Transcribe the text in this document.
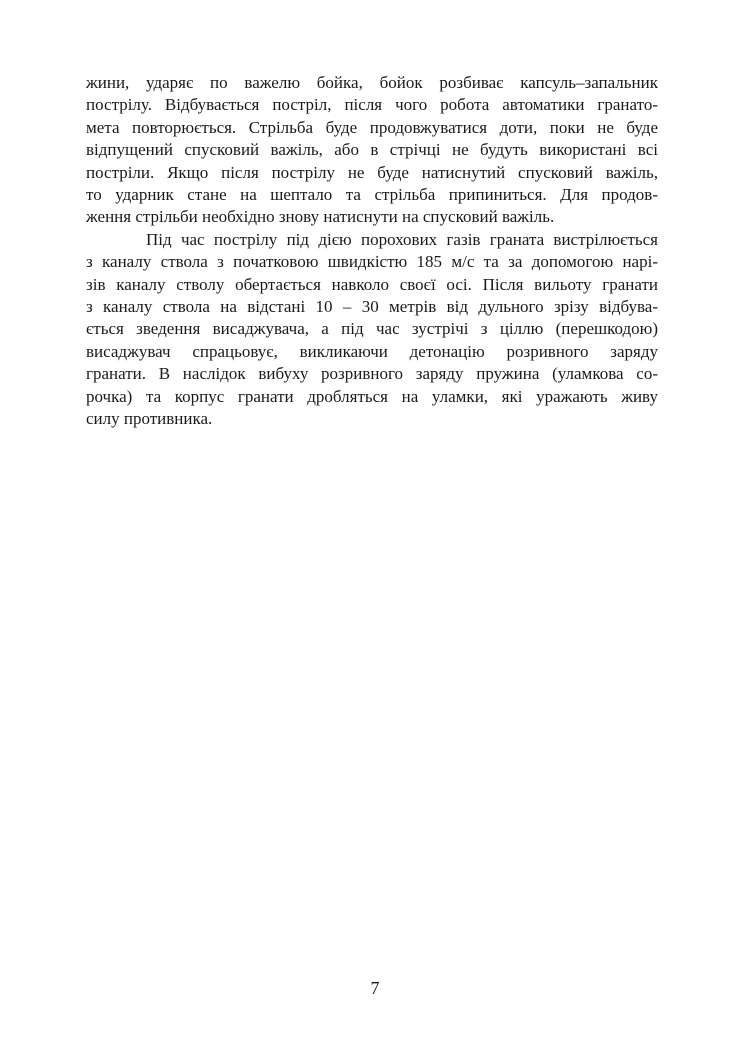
жини, ударяє по важелю бойка, бойок розбиває капсуль–запальник
пострілу. Відбувається постріл, після чого робота автоматики гранато-
мета повторюється. Стрільба буде продовжуватися доти, поки не буде
відпущений спусковий важіль, або в стрічці не будуть використані всі
постріли. Якщо після пострілу не буде натиснутий спусковий важіль,
то ударник стане на шептало та стрільба припиниться. Для продов-
ження стрільби необхідно знову натиснути на спусковий важіль.
Під час пострілу під дією порохових газів граната вистрілюється
з каналу ствола з початковою швидкістю 185 м/с та за допомогою нарі-
зів каналу стволу обертається навколо своєї осі. Після вильоту гранати
з каналу ствола на відстані 10 – 30 метрів від дульного зрізу відбува-
ється зведення висаджувача, а під час зустрічі з ціллю (перешкодою)
висаджувач спрацьовує, викликаючи детонацію розривного заряду
гранати. В наслідок вибуху розривного заряду пружина (уламкова со-
рочка) та корпус гранати дробляться на уламки, які уражають живу
силу противника.
7
